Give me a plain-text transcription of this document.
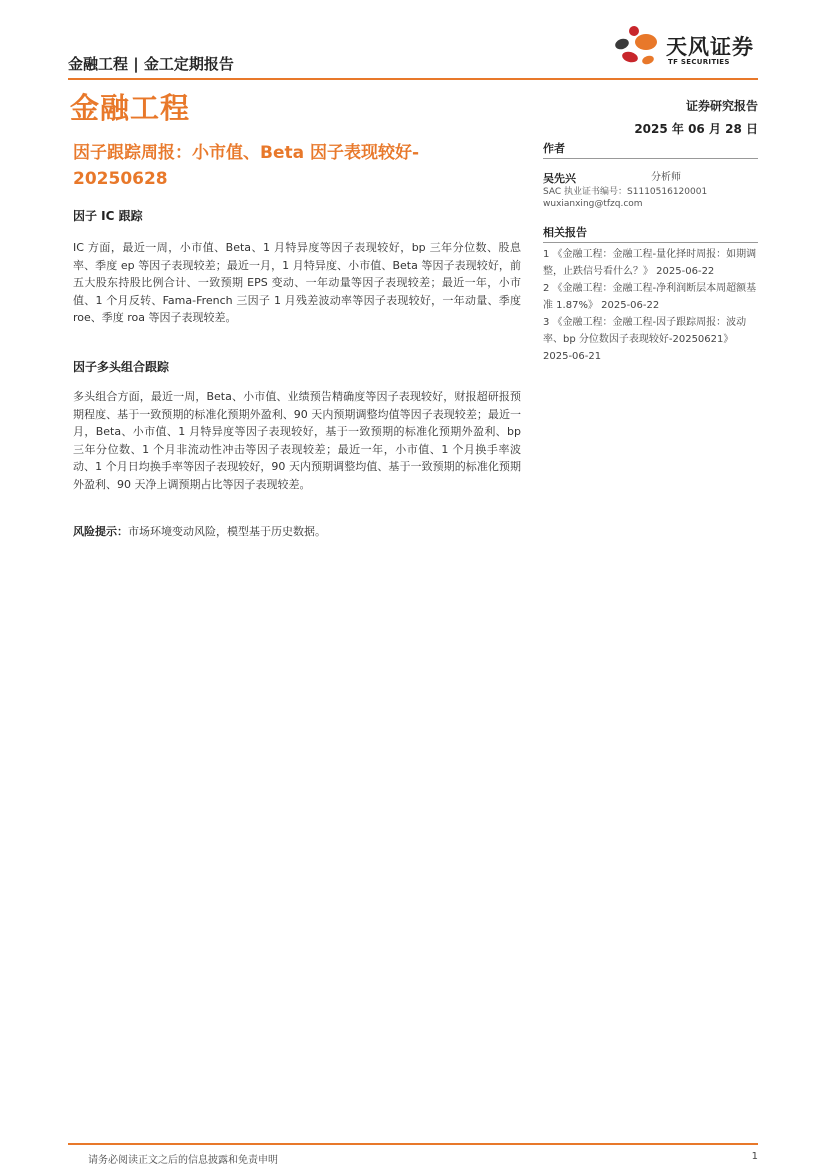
金融工程 | 金工定期报告
天风证券
TF SECURITIES
金融工程	证券研究报告
2025 年 06 月 28 日
因子跟踪周报：小市值、Beta 因子表现较好-
20250628
因子 IC 跟踪
IC 方面，最近一周，小市值、Beta、1 月特异度等因子表现较好，bp 三年分位数、股息率、季度 ep 等因子表现较差；最近一月，1 月特异度、小市值、Beta 等因子表现较好，前五大股东持股比例合计、一致预期 EPS 变动、一年动量等因子表现较差；最近一年，小市值、1 个月反转、Fama-French 三因子 1 月残差波动率等因子表现较好，一年动量、季度 roe、季度 roa 等因子表现较差。
因子多头组合跟踪
多头组合方面，最近一周，Beta、小市值、业绩预告精确度等因子表现较好，财报超研报预期程度、基于一致预期的标准化预期外盈利、90 天内预期调整均值等因子表现较差；最近一月，Beta、小市值、1 月特异度等因子表现较好，基于一致预期的标准化预期外盈利、bp 三年分位数、1 个月非流动性冲击等因子表现较差；最近一年，小市值、1 个月换手率波动、1 个月日均换手率等因子表现较好，90 天内预期调整均值、基于一致预期的标准化预期外盈利、90 天净上调预期占比等因子表现较差。
风险提示：市场环境变动风险，模型基于历史数据。
作者
吴先兴	分析师
SAC 执业证书编号：S1110516120001
wuxianxing@tfzq.com
相关报告
1 《金融工程：金融工程-量化择时周报：如期调整，止跌信号看什么？》 2025-06-22
2 《金融工程：金融工程-净利润断层本周超额基准 1.87%》 2025-06-22
3 《金融工程：金融工程-因子跟踪周报：波动率、bp 分位数因子表现较好-20250621》 2025-06-21
请务必阅读正文之后的信息披露和免责申明	1
